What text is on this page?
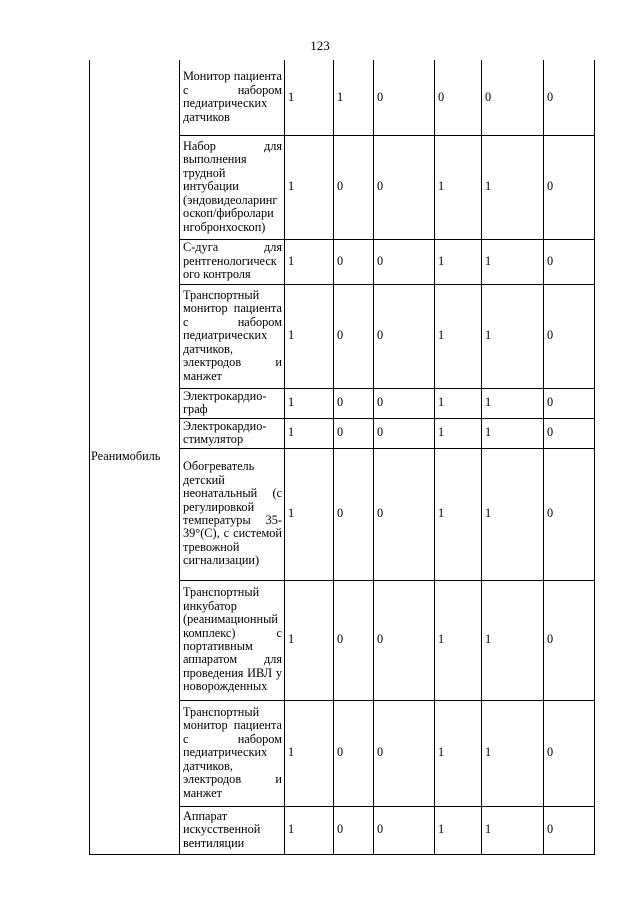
123
Реанимобиль	Монитор пациента с набором педиатрических датчиков	1	1	0	0	0	0
	Набор для выполнения трудной интубации (эндовидеоларинг оскоп/фибролари нгобронхоскоп)	1	0	0	1	1	0
	С-дуга для рентгенологическ ого контроля	1	0	0	1	1	0
	Транспортный монитор пациента с набором педиатрических датчиков, электродов и манжет	1	0	0	1	1	0
	Электрокардио-граф	1	0	0	1	1	0
	Электрокардио-стимулятор	1	0	0	1	1	0
	Обогреватель детский неонатальный (с регулировкой температуры 35-39°(С), с системой тревожной сигнализации)	1	0	0	1	1	0
	Транспортный инкубатор (реанимационный комплекс) с портативным аппаратом для проведения ИВЛ у новорожденных	1	0	0	1	1	0
	Транспортный монитор пациента с набором педиатрических датчиков, электродов и манжет	1	0	0	1	1	0
	Аппарат искусственной вентиляции	1	0	0	1	1	0
